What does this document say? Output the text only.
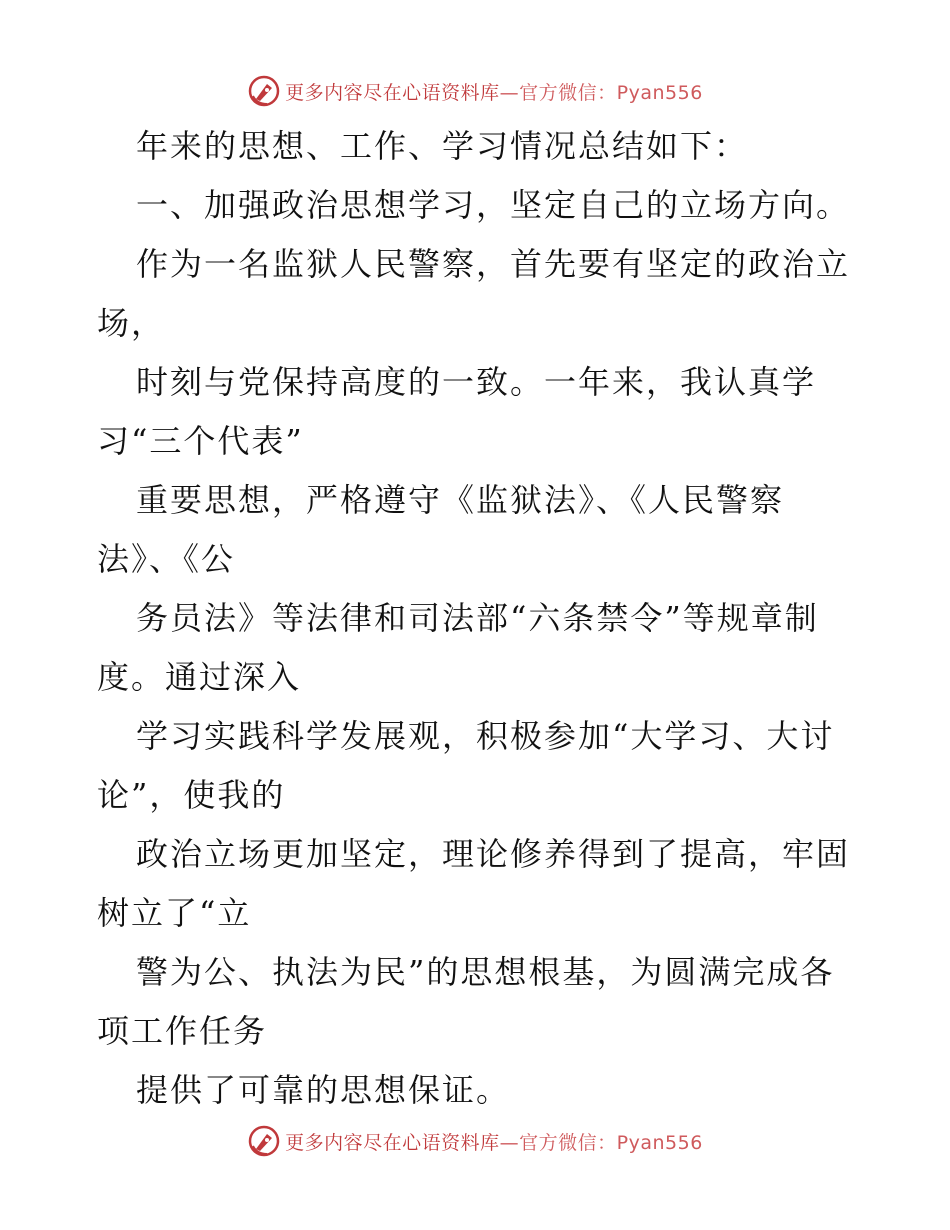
更多内容尽在心语资料库—官方微信：Pyan556
年来的思想、工作、学习情况总结如下：
一、加强政治思想学习，坚定自己的立场方向。
作为一名监狱人民警察，首先要有坚定的政治立
场，
时刻与党保持高度的一致。一年来，我认真学
习“三个代表”
重要思想，严格遵守《监狱法》、《人民警察
法》、《公
务员法》等法律和司法部“六条禁令”等规章制
度。通过深入
学习实践科学发展观，积极参加“大学习、大讨
论”，使我的
政治立场更加坚定，理论修养得到了提高，牢固
树立了“立
警为公、执法为民”的思想根基，为圆满完成各
项工作任务
提供了可靠的思想保证。
更多内容尽在心语资料库—官方微信：Pyan556
